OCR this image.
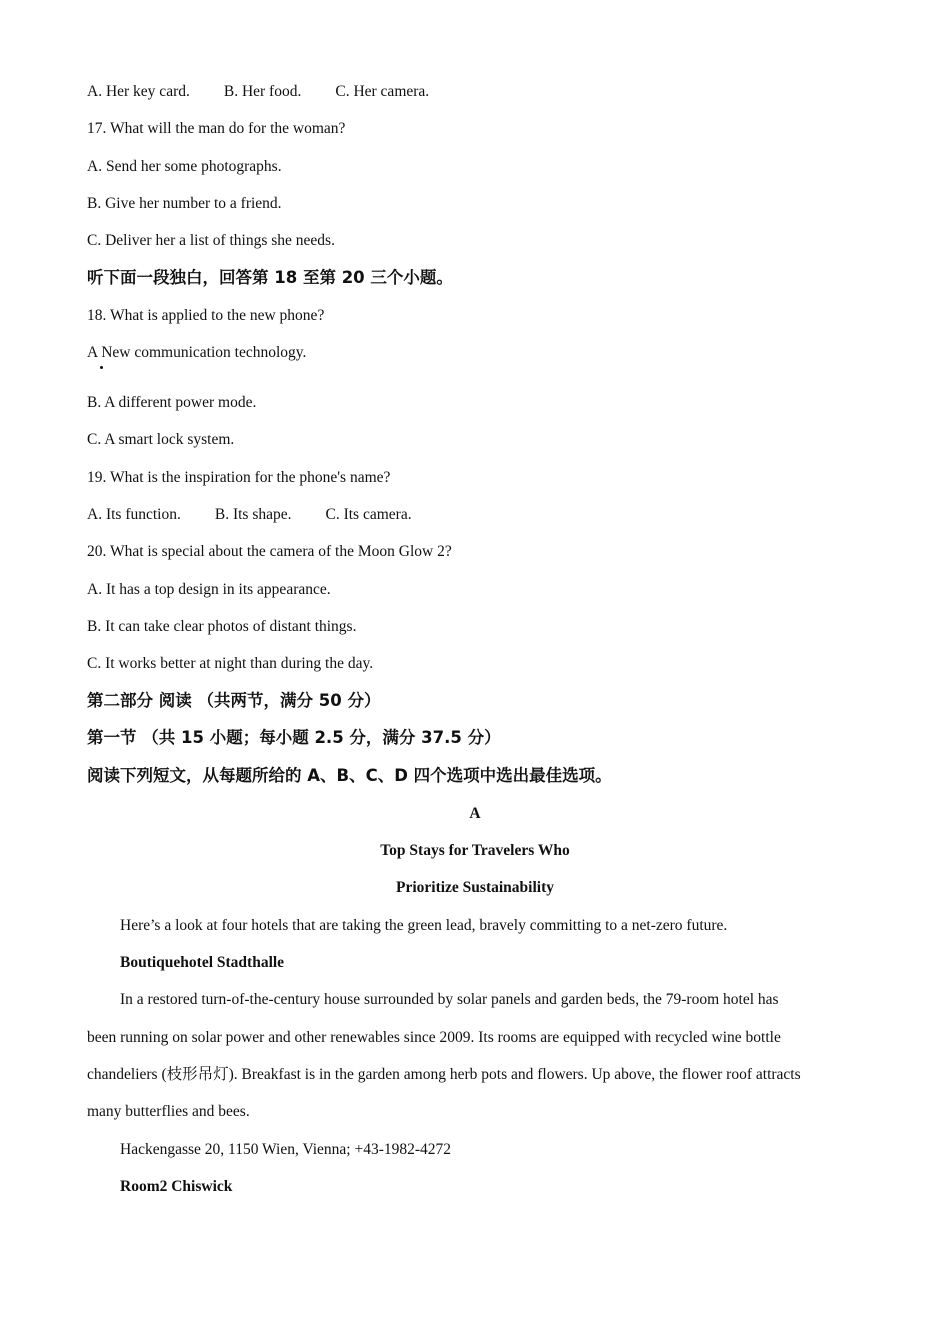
A. Her key card. B. Her food. C. Her camera.
17. What will the man do for the woman?
A. Send her some photographs.
B. Give her number to a friend.
C. Deliver her a list of things she needs.
听下面一段独白，回答第 18 至第 20 三个小题。
18. What is applied to the new phone?
A New communication technology.
B. A different power mode.
C. A smart lock system.
19. What is the inspiration for the phone's name?
A. Its function. B. Its shape. C. Its camera.
20. What is special about the camera of the Moon Glow 2?
A. It has a top design in its appearance.
B. It can take clear photos of distant things.
C. It works better at night than during the day.
第二部分 阅读 （共两节，满分 50 分）
第一节 （共 15 小题；每小题 2.5 分，满分 37.5 分）
阅读下列短文，从每题所给的 A、B、C、D 四个选项中选出最佳选项。
A
Top Stays for Travelers Who
Prioritize Sustainability
Here’s a look at four hotels that are taking the green lead, bravely committing to a net-zero future.
Boutiquehotel Stadthalle
In a restored turn-of-the-century house surrounded by solar panels and garden beds, the 79-room hotel has
been running on solar power and other renewables since 2009. Its rooms are equipped with recycled wine bottle
chandeliers (枝形吊灯). Breakfast is in the garden among herb pots and flowers. Up above, the flower roof attracts
many butterflies and bees.
Hackengasse 20, 1150 Wien, Vienna; +43-1982-4272
Room2 Chiswick
